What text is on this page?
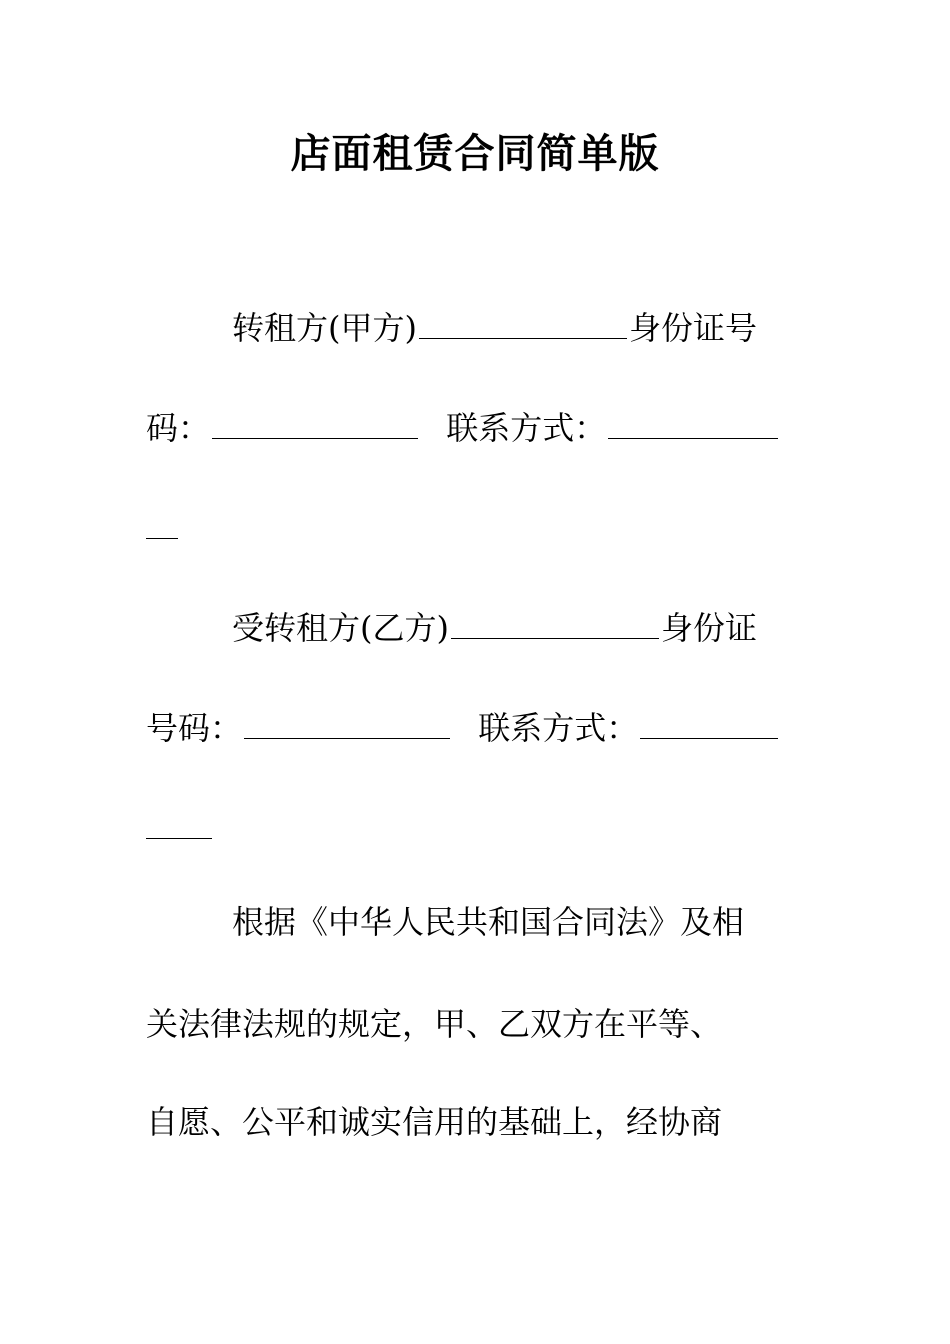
店面租赁合同简单版
转租方(甲方)	身份证号
码：	联系方式：
受转租方(乙方)	身份证
号码：	联系方式：
根据《中华人民共和国合同法》及相
关法律法规的规定，甲、乙双方在平等、
自愿、公平和诚实信用的基础上，经协商
